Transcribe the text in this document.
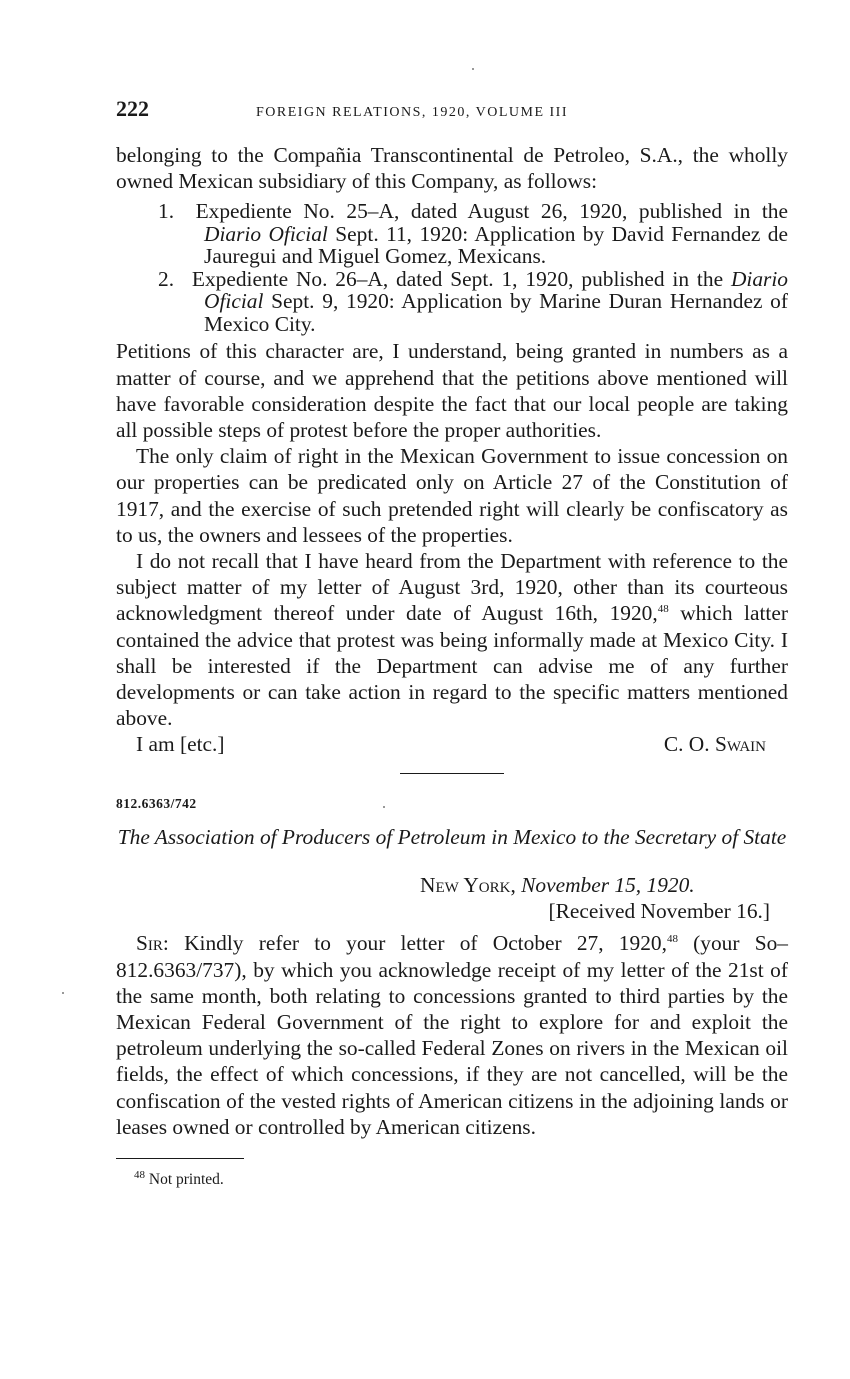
222	FOREIGN RELATIONS, 1920, VOLUME III

belonging to the Compañia Transcontinental de Petroleo, S.A., the wholly owned Mexican subsidiary of this Company, as follows:

1. Expediente No. 25–A, dated August 26, 1920, published in the Diario Oficial Sept. 11, 1920: Application by David Fernandez de Jauregui and Miguel Gomez, Mexicans.
2. Expediente No. 26–A, dated Sept. 1, 1920, published in the Diario Oficial Sept. 9, 1920: Application by Marine Duran Hernandez of Mexico City.

Petitions of this character are, I understand, being granted in numbers as a matter of course, and we apprehend that the petitions above mentioned will have favorable consideration despite the fact that our local people are taking all possible steps of protest before the proper authorities.

The only claim of right in the Mexican Government to issue concession on our properties can be predicated only on Article 27 of the Constitution of 1917, and the exercise of such pretended right will clearly be confiscatory as to us, the owners and lessees of the properties.

I do not recall that I have heard from the Department with reference to the subject matter of my letter of August 3rd, 1920, other than its courteous acknowledgment thereof under date of August 16th, 1920,48 which latter contained the advice that protest was being informally made at Mexico City. I shall be interested if the Department can advise me of any further developments or can take action in regard to the specific matters mentioned above.

I am [etc.]	C. O. Swain
812.6363/742
The Association of Producers of Petroleum in Mexico to the Secretary of State
New York, November 15, 1920.
[Received November 16.]

Sir: Kindly refer to your letter of October 27, 1920,48 (your So–812.6363/737), by which you acknowledge receipt of my letter of the 21st of the same month, both relating to concessions granted to third parties by the Mexican Federal Government of the right to explore for and exploit the petroleum underlying the so-called Federal Zones on rivers in the Mexican oil fields, the effect of which concessions, if they are not cancelled, will be the confiscation of the vested rights of American citizens in the adjoining lands or leases owned or controlled by American citizens.

$^{48}$ Not printed.
